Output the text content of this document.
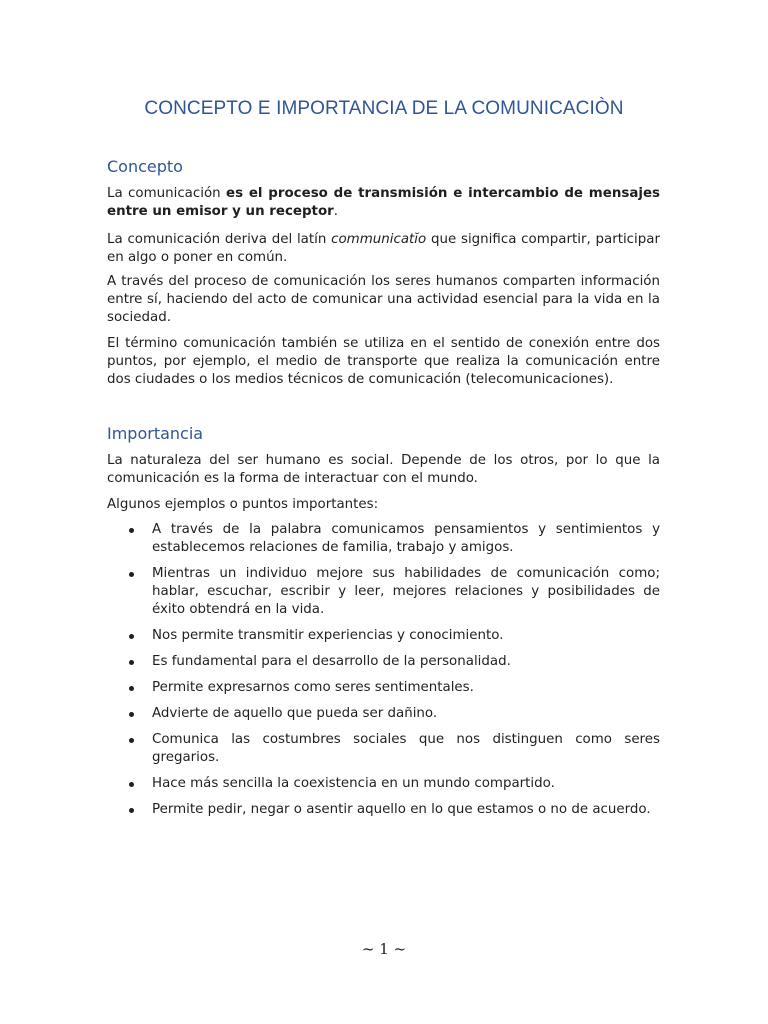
CONCEPTO E IMPORTANCIA DE LA COMUNICACIÒN
Concepto

La comunicación es el proceso de transmisión e intercambio de mensajes entre un emisor y un receptor.

La comunicación deriva del latín communicatĭo que significa compartir, participar en algo o poner en común.

A través del proceso de comunicación los seres humanos comparten información entre sí, haciendo del acto de comunicar una actividad esencial para la vida en la sociedad.

El término comunicación también se utiliza en el sentido de conexión entre dos puntos, por ejemplo, el medio de transporte que realiza la comunicación entre dos ciudades o los medios técnicos de comunicación (telecomunicaciones).

Importancia

La naturaleza del ser humano es social. Depende de los otros, por lo que la comunicación es la forma de interactuar con el mundo.

Algunos ejemplos o puntos importantes:

A través de la palabra comunicamos pensamientos y sentimientos y establecemos relaciones de familia, trabajo y amigos.
Mientras un individuo mejore sus habilidades de comunicación como; hablar, escuchar, escribir y leer, mejores relaciones y posibilidades de éxito obtendrá en la vida.
Nos permite transmitir experiencias y conocimiento.
Es fundamental para el desarrollo de la personalidad.
Permite expresarnos como seres sentimentales.
Advierte de aquello que pueda ser dañino.
Comunica las costumbres sociales que nos distinguen como seres gregarios.
Hace más sencilla la coexistencia en un mundo compartido.
Permite pedir, negar o asentir aquello en lo que estamos o no de acuerdo.
~ 1 ~
